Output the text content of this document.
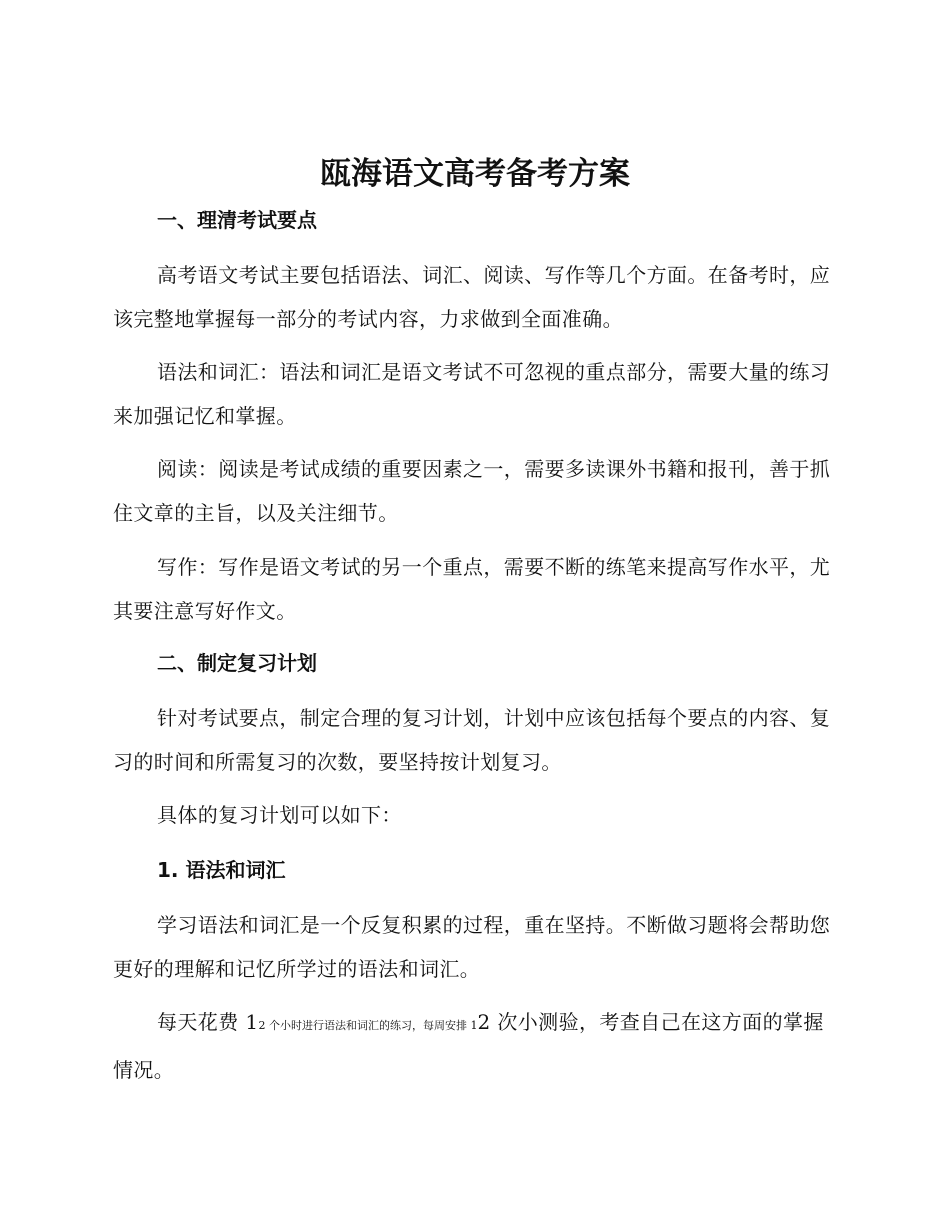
瓯海语文高考备考方案
一、理清考试要点
高考语文考试主要包括语法、词汇、阅读、写作等几个方面。在备考时，应该完整地掌握每一部分的考试内容，力求做到全面准确。
语法和词汇：语法和词汇是语文考试不可忽视的重点部分，需要大量的练习来加强记忆和掌握。
阅读：阅读是考试成绩的重要因素之一，需要多读课外书籍和报刊，善于抓住文章的主旨，以及关注细节。
写作：写作是语文考试的另一个重点，需要不断的练笔来提高写作水平，尤其要注意写好作文。
二、制定复习计划
针对考试要点，制定合理的复习计划，计划中应该包括每个要点的内容、复习的时间和所需复习的次数，要坚持按计划复习。
具体的复习计划可以如下：
1. 语法和词汇
学习语法和词汇是一个反复积累的过程，重在坚持。不断做习题将会帮助您更好的理解和记忆所学过的语法和词汇。
每天花费 12 个小时进行语法和词汇的练习，每周安排 12 次小测验，考查自己在这方面的掌握情况。
